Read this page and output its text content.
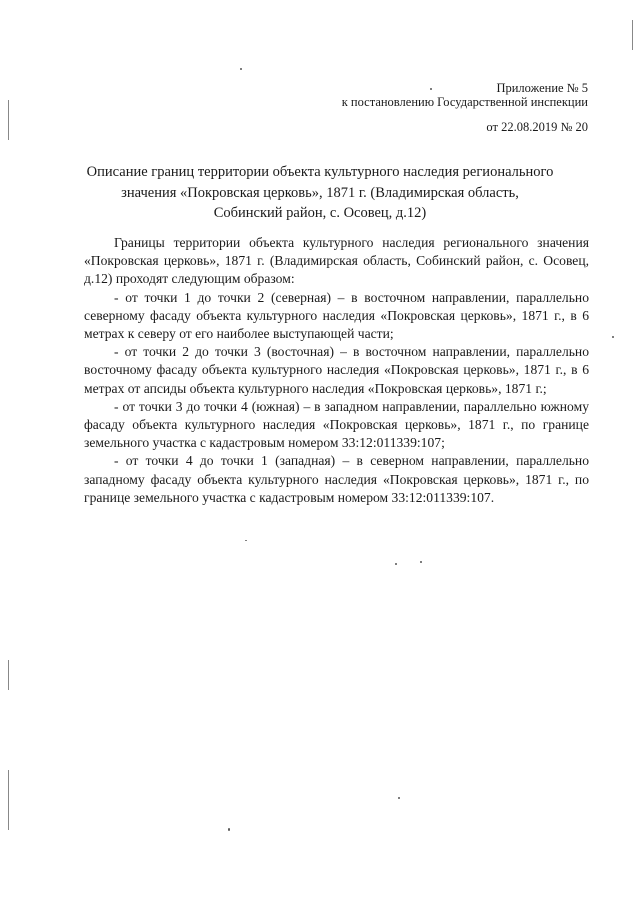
Приложение № 5
к постановлению Государственной инспекции
от 22.08.2019 № 20
Описание границ территории объекта культурного наследия регионального
значения «Покровская церковь», 1871 г. (Владимирская область,
Собинский район, с. Осовец, д.12)

Границы территории объекта культурного наследия регионального значения «Покровская церковь», 1871 г. (Владимирская область, Собинский район, с. Осовец, д.12) проходят следующим образом:

- от точки 1 до точки 2 (северная) – в восточном направлении, параллельно северному фасаду объекта культурного наследия «Покровская церковь», 1871 г., в 6 метрах к северу от его наиболее выступающей части;

- от точки 2 до точки 3 (восточная) – в восточном направлении, параллельно восточному фасаду объекта культурного наследия «Покровская церковь», 1871 г., в 6 метрах от апсиды объекта культурного наследия «Покровская церковь», 1871 г.;

- от точки 3 до точки 4 (южная) – в западном направлении, параллельно южному фасаду объекта культурного наследия «Покровская церковь», 1871 г., по границе земельного участка с кадастровым номером 33:12:011339:107;

- от точки 4 до точки 1 (западная) – в северном направлении, параллельно западному фасаду объекта культурного наследия «Покровская церковь», 1871 г., по границе земельного участка с кадастровым номером 33:12:011339:107.
